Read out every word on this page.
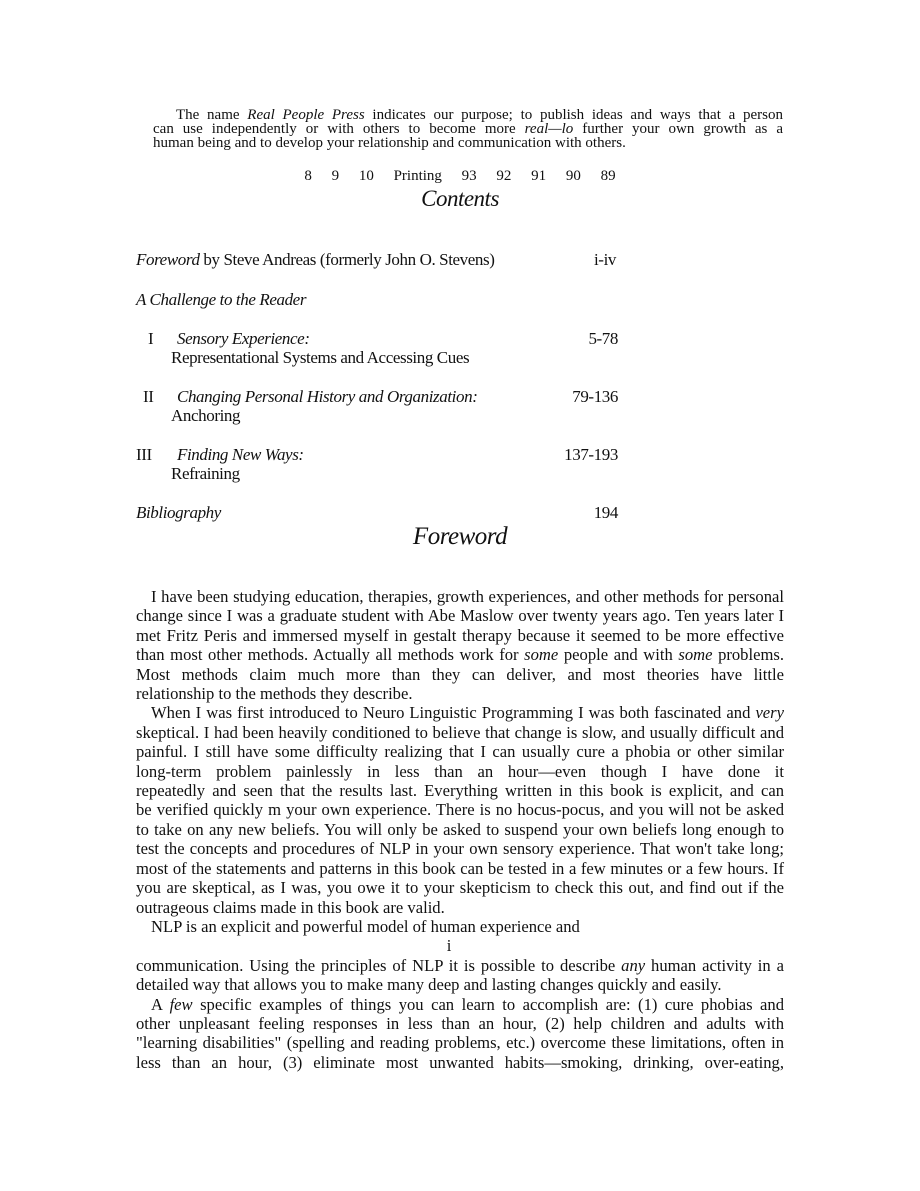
The name Real People Press indicates our purpose; to publish ideas and ways that a person

can use independently or with others to become more real—lo further your own growth as a

human being and to develop your relationship and communication with others.

8 9 10 Printing 93 92 91 90 89
Contents
Foreword by Steve Andreas (formerly John O. Stevens)	i-iv
A Challenge to the Reader
I Sensory Experience:
Representational Systems and Accessing Cues
5-78
II Changing Personal History and Organization:
Anchoring
79-136
III Finding New Ways:
Refraining
137-193
Bibliography	194
Foreword

I have been studying education, therapies, growth experiences, and other methods for personal

change since I was a graduate student with Abe Maslow over twenty years ago. Ten years later I

met Fritz Peris and immersed myself in gestalt therapy because it seemed to be more effective

than most other methods. Actually all methods work for some people and with some problems.

Most methods claim much more than they can deliver, and most theories have little

relationship to the methods they describe.

When I was first introduced to Neuro Linguistic Programming I was both fascinated and very

skeptical. I had been heavily conditioned to believe that change is slow, and usually difficult and

painful. I still have some difficulty realizing that I can usually cure a phobia or other similar

long-term problem painlessly in less than an hour—even though I have done it

repeatedly and seen that the results last. Everything written in this book is explicit, and can

be verified quickly m your own experience. There is no hocus-pocus, and you will not be asked

to take on any new beliefs. You will only be asked to suspend your own beliefs long enough to

test the concepts and procedures of NLP in your own sensory experience. That won't take long;

most of the statements and patterns in this book can be tested in a few minutes or a few hours. If

you are skeptical, as I was, you owe it to your skepticism to check this out, and find out if the

outrageous claims made in this book are valid.

NLP is an explicit and powerful model of human experience and

i

communication. Using the principles of NLP it is possible to describe any human activity in a

detailed way that allows you to make many deep and lasting changes quickly and easily.

A few specific examples of things you can learn to accomplish are: (1) cure phobias and

other unpleasant feeling responses in less than an hour, (2) help children and adults with

"learning disabilities" (spelling and reading problems, etc.) overcome these limitations, often in

less than an hour, (3) eliminate most unwanted habits—smoking, drinking, over-eating,
